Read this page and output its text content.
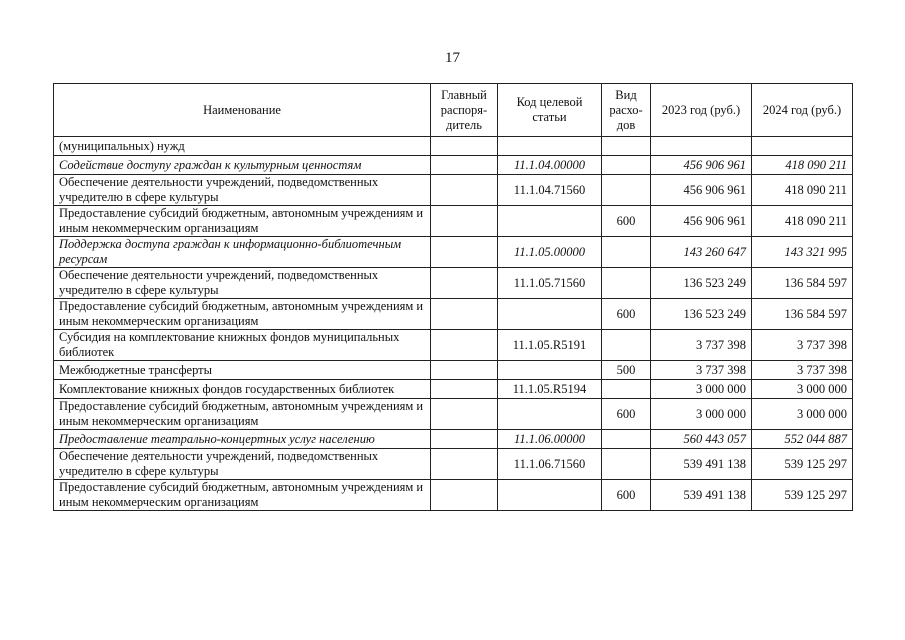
17
Наименование	Главный распоря-дитель	Код целевой статьи	Вид расхо-дов	2023 год (руб.)	2024 год (руб.)
(муниципальных) нужд					
Содействие доступу граждан к культурным ценностям		11.1.04.00000		456 906 961	418 090 211
Обеспечение деятельности учреждений, подведомственных учредителю в сфере культуры		11.1.04.71560		456 906 961	418 090 211
Предоставление субсидий бюджетным, автономным учреждениям и иным некоммерческим организациям			600	456 906 961	418 090 211
Поддержка доступа граждан к информационно-библиотечным ресурсам		11.1.05.00000		143 260 647	143 321 995
Обеспечение деятельности учреждений, подведомственных учредителю в сфере культуры		11.1.05.71560		136 523 249	136 584 597
Предоставление субсидий бюджетным, автономным учреждениям и иным некоммерческим организациям			600	136 523 249	136 584 597
Субсидия на комплектование книжных фондов муниципальных библиотек		11.1.05.R5191		3 737 398	3 737 398
Межбюджетные трансферты			500	3 737 398	3 737 398
Комплектование книжных фондов государственных библиотек		11.1.05.R5194		3 000 000	3 000 000
Предоставление субсидий бюджетным, автономным учреждениям и иным некоммерческим организациям			600	3 000 000	3 000 000
Предоставление театрально-концертных услуг населению		11.1.06.00000		560 443 057	552 044 887
Обеспечение деятельности учреждений, подведомственных учредителю в сфере культуры		11.1.06.71560		539 491 138	539 125 297
Предоставление субсидий бюджетным, автономным учреждениям и иным некоммерческим организациям			600	539 491 138	539 125 297
